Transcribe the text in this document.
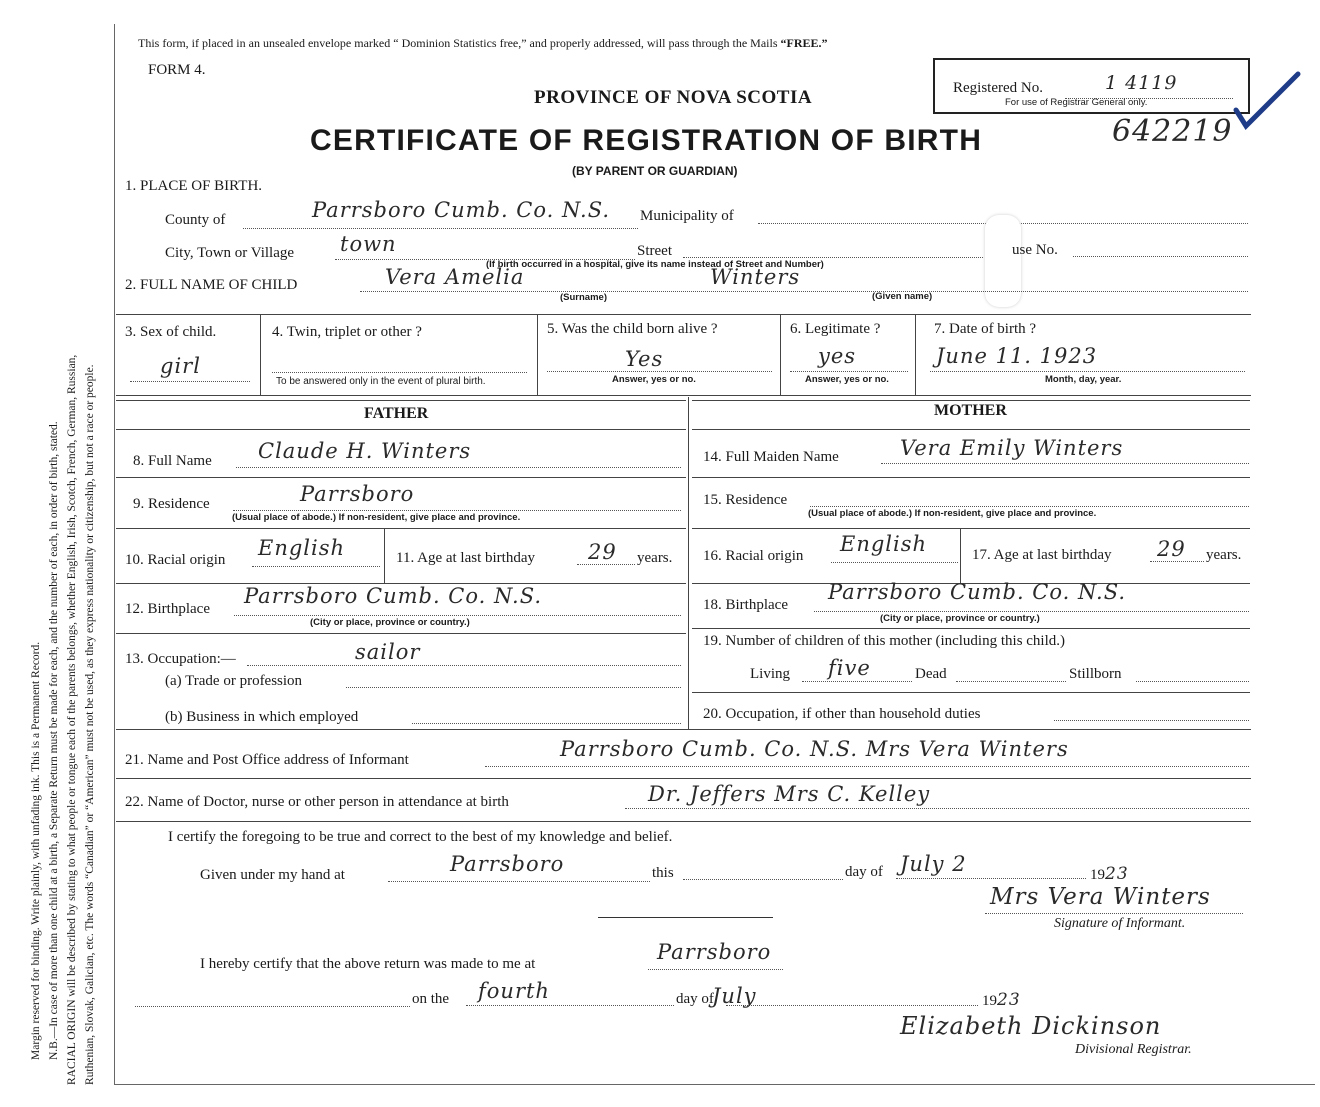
Margin reserved for binding. Write plainly, with unfading ink. This is a Permanent Record. N.B.—In case of more than one child at a birth, a Separate Return must be made for each, and the number of each, in order of birth, stated. RACIAL ORIGIN will be described by stating to what people or tongue each of the parents belongs, whether English, Irish, Scotch, French, German, Russian, Ruthenian, Slovak, Galician, etc. The words “Canadian” or “American” must not be used, as they express nationality or citizenship, but not a race or people.
This form, if placed in an unsealed envelope marked “ Dominion Statistics free,” and properly addressed, will pass through the Mails “FREE.”
FORM 4.
PROVINCE OF NOVA SCOTIA
CERTIFICATE OF REGISTRATION OF BIRTH
(BY PARENT OR GUARDIAN)
Registered No.	1 4119
For use of Registrar General only.
642219
1. PLACE OF BIRTH.
County of	Parrsboro Cumb. Co. N.S. Municipality of
City, Town or Village town	Street	use No.
(If birth occurred in a hospital, give its name instead of Street and Number)
2. FULL NAME OF CHILD	Vera Amelia	Winters
(Surname)	(Given name)
3. Sex of child.
girl
4. Twin, triplet or other ?
To be answered only in the event of plural birth.
5. Was the child born alive ?
Yes
Answer, yes or no.
6. Legitimate ?
yes
Answer, yes or no.
7. Date of birth ?
June 11. 1923
Month, day, year.
FATHER	MOTHER
8. Full Name Claude H. Winters
9. Residence	Parrsboro
(Usual place of abode.) If non-resident, give place and province.
10. Racial origin English	11. Age at last birthday	29 years.
12. Birthplace
Parrsboro Cumb. Co. N.S.
(City or place, province or country.)
13. Occupation:—	sailor
(a) Trade or profession
(b) Business in which employed
14. Full Maiden Name	Vera Emily Winters
15. Residence
(Usual place of abode.) If non-resident, give place and province.
16. Racial origin English	17. Age at last birthday 29 years.
18. Birthplace
Parrsboro Cumb. Co. N.S.
(City or place, province or country.)
19. Number of children of this mother (including this child.)
Living five	Dead	Stillborn
20. Occupation, if other than household duties
21. Name and Post Office address of Informant	Parrsboro Cumb. Co. N.S. Mrs Vera Winters
22. Name of Doctor, nurse or other person in attendance at birth	Dr. Jeffers Mrs C. Kelley
I certify the foregoing to be true and correct to the best of my knowledge and belief.
Given under my hand at	Parrsboro	this	day of July 2	1923
Mrs Vera Winters
Signature of Informant.
I hereby certify that the above return was made to me at	Parrsboro
on the fourth	day of
July	1923
Elizabeth Dickinson
Divisional Registrar.
